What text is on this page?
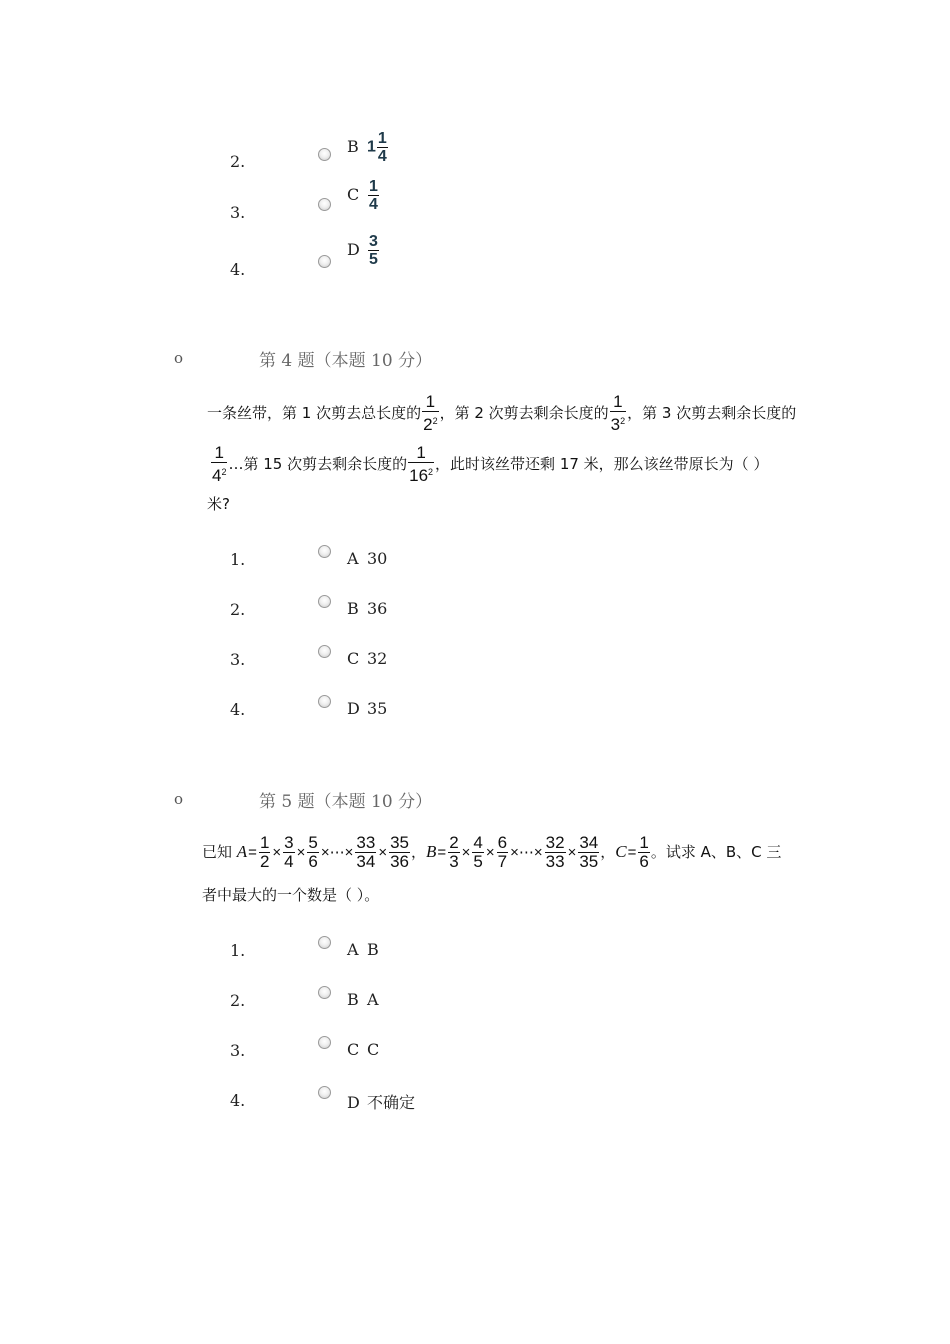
2.
B $1 \frac{1}{4}$
3.
C $\frac{1}{4}$
4.
D $\frac{3}{5}$
o	第 4 题（本题 10 分）
一条丝带，第 1 次剪去总长度的 $\frac{1}{2^2}$ ，第 2 次剪去剩余长度的 $\frac{1}{3^2}$ ，第 3 次剪去剩余长度的
$\frac{1}{4^2}$ …第 15 次剪去剩余长度的 $\frac{1}{16^2}$ ，此时该丝带还剩 17 米，那么该丝带原长为（ ）
米?
1.	A 30
2.	B 36
3.	C 32
4.	D 35
o	第 5 题（本题 10 分）
已知 $A= \frac{1}{2} \times \frac{3}{4} \times \frac{5}{6}$ ×⋯× $\frac{33}{34} \times \frac{35}{36}$ ，$B= \frac{2}{3} \times \frac{4}{5} \times \frac{6}{7}$ ×⋯× $\frac{32}{33} \times \frac{34}{35}$ ，$C= \frac{1}{6}$ 。试求 A、B、C 三
者中最大的一个数是（ ）。
1.	A B
2.	B A
3.	C C
4.	D 不确定
